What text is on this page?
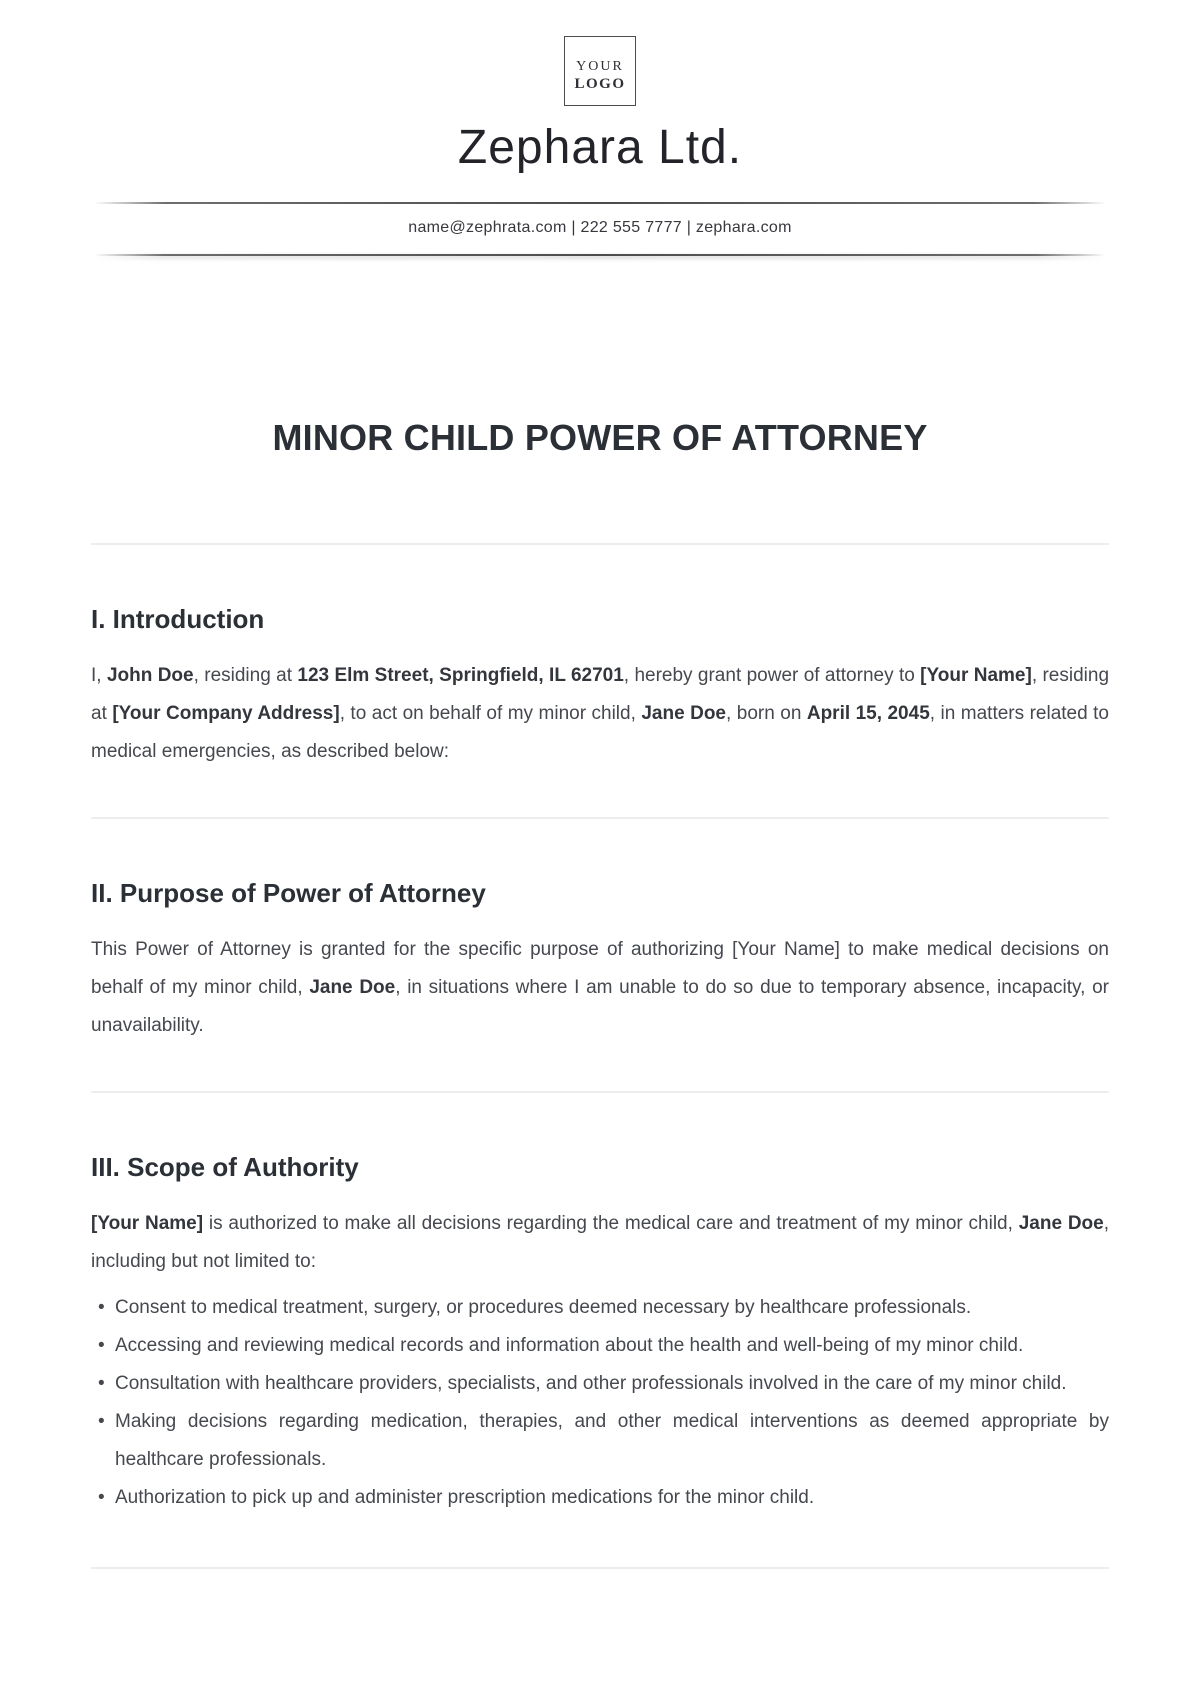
YOUR
LOGO
Zephara Ltd.
name@zephrata.com | 222 555 7777 | zephara.com
MINOR CHILD POWER OF ATTORNEY
I. Introduction

I, John Doe, residing at 123 Elm Street, Springfield, IL 62701, hereby grant power of attorney to [Your Name], residing at [Your Company Address], to act on behalf of my minor child, Jane Doe, born on April 15, 2045, in matters related to medical emergencies, as described below:

II. Purpose of Power of Attorney

This Power of Attorney is granted for the specific purpose of authorizing [Your Name] to make medical decisions on behalf of my minor child, Jane Doe, in situations where I am unable to do so due to temporary absence, incapacity, or unavailability.

III. Scope of Authority

[Your Name] is authorized to make all decisions regarding the medical care and treatment of my minor child, Jane Doe, including but not limited to:

• Consent to medical treatment, surgery, or procedures deemed necessary by healthcare professionals.
• Accessing and reviewing medical records and information about the health and well-being of my minor child.
• Consultation with healthcare providers, specialists, and other professionals involved in the care of my minor child.
• Making decisions regarding medication, therapies, and other medical interventions as deemed appropriate by healthcare professionals.
• Authorization to pick up and administer prescription medications for the minor child.
